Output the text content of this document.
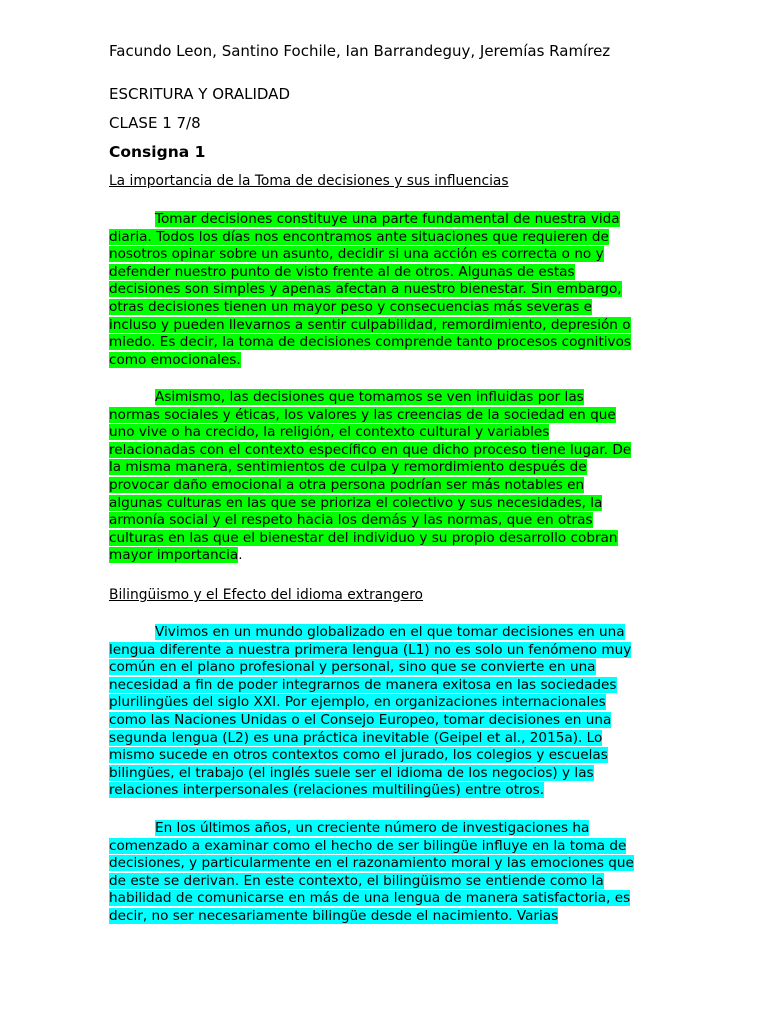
Facundo Leon, Santino Fochile, Ian Barrandeguy, Jeremías Ramírez

ESCRITURA Y ORALIDAD

CLASE 1 7/8

Consigna 1

La importancia de la Toma de decisiones y sus influencias

Tomar decisiones constituye una parte fundamental de nuestra vida
diaria. Todos los días nos encontramos ante situaciones que requieren de
nosotros opinar sobre un asunto, decidir si una acción es correcta o no y
defender nuestro punto de visto frente al de otros. Algunas de estas
decisiones son simples y apenas afectan a nuestro bienestar. Sin embargo,
otras decisiones tienen un mayor peso y consecuencias más severas e
incluso y pueden llevarnos a sentir culpabilidad, remordimiento, depresión o
miedo. Es decir, la toma de decisiones comprende tanto procesos cognitivos
como emocionales.
Asimismo, las decisiones que tomamos se ven influidas por las
normas sociales y éticas, los valores y las creencias de la sociedad en que
uno vive o ha crecido, la religión, el contexto cultural y variables
relacionadas con el contexto específico en que dicho proceso tiene lugar. De
la misma manera, sentimientos de culpa y remordimiento después de
provocar daño emocional a otra persona podrían ser más notables en
algunas culturas en las que se prioriza el colectivo y sus necesidades, la
armonía social y el respeto hacia los demás y las normas, que en otras
culturas en las que el bienestar del individuo y su propio desarrollo cobran
mayor importancia.

Bilingüismo y el Efecto del idioma extrangero

Vivimos en un mundo globalizado en el que tomar decisiones en una
lengua diferente a nuestra primera lengua (L1) no es solo un fenómeno muy
común en el plano profesional y personal, sino que se convierte en una
necesidad a fin de poder integrarnos de manera exitosa en las sociedades
plurilingües del siglo XXI. Por ejemplo, en organizaciones internacionales
como las Naciones Unidas o el Consejo Europeo, tomar decisiones en una
segunda lengua (L2) es una práctica inevitable (Geipel et al., 2015a). Lo
mismo sucede en otros contextos como el jurado, los colegios y escuelas
bilingües, el trabajo (el inglés suele ser el idioma de los negocios) y las
relaciones interpersonales (relaciones multilingües) entre otros.
En los últimos años, un creciente número de investigaciones ha
comenzado a examinar como el hecho de ser bilingüe influye en la toma de
decisiones, y particularmente en el razonamiento moral y las emociones que
de este se derivan. En este contexto, el bilingüismo se entiende como la
habilidad de comunicarse en más de una lengua de manera satisfactoria, es
decir, no ser necesariamente bilingüe desde el nacimiento. Varias
